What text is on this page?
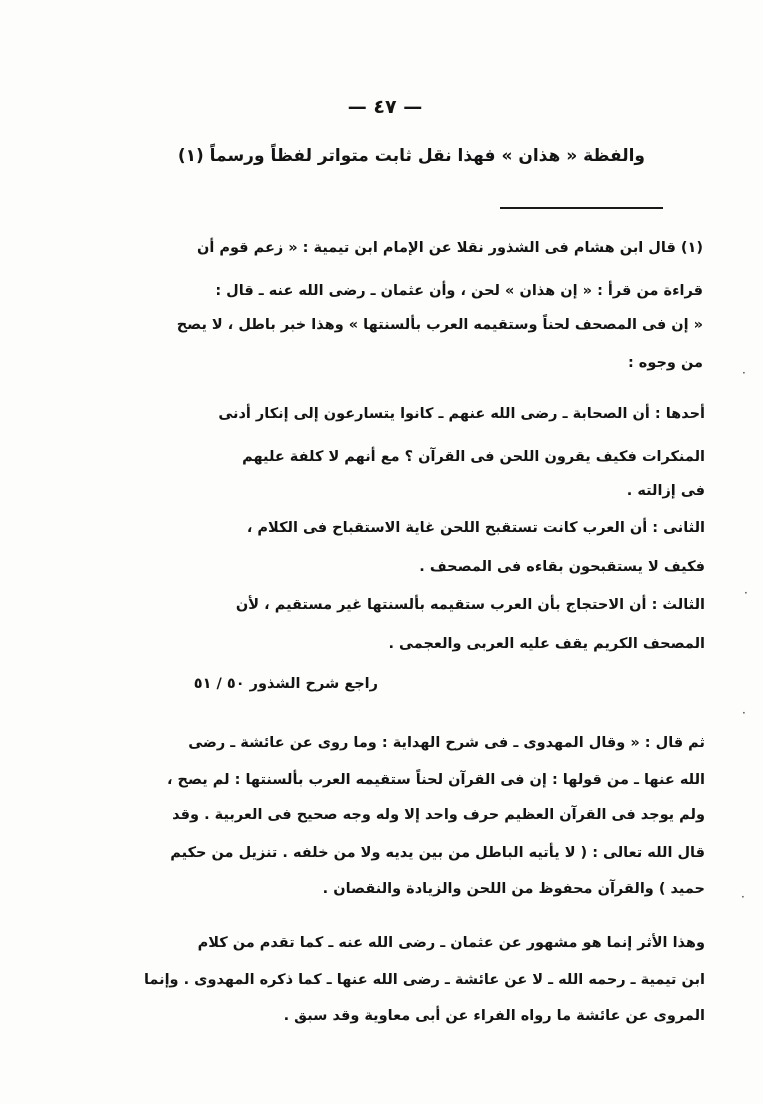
— ٤٧ —
والفظة « هذان » فهذا نقل ثابت متواتر لفظاً ورسماً (١)
(١) قال ابن هشام فى الشذور نقلا عن الإمام ابن تيمية : « زعم قوم أن
قراءة من قرأ : « إن هذان » لحن ، وأن عثمان ـ رضى الله عنه ـ قال :
« إن فى المصحف لحناً وستقيمه العرب بألسنتها » وهذا خبر باطل ، لا يصح
من وجوه :
أحدها : أن الصحابة ـ رضى الله عنهم ـ كانوا يتسارعون إلى إنكار أدنى
المنكرات فكيف يقرون اللحن فى القرآن ؟ مع أنهم لا كلفة عليهم
فى إزالته .
الثانى : أن العرب كانت تستقبح اللحن غاية الاستقباح فى الكلام ،
فكيف لا يستقبحون بقاءه فى المصحف .
الثالث : أن الاحتجاج بأن العرب ستقيمه بألسنتها غير مستقيم ، لأن
المصحف الكريم يقف عليه العربى والعجمى .
راجع شرح الشذور ٥٠ / ٥١
ثم قال : « وقال المهدوى ـ فى شرح الهداية : وما روى عن عائشة ـ رضى
الله عنها ـ من قولها : إن فى القرآن لحناً ستقيمه العرب بألسنتها : لم يصح ،
ولم يوجد فى القرآن العظيم حرف واحد إلا وله وجه صحيح فى العربية . وقد
قال الله تعالى : ( لا يأتيه الباطل من بين يديه ولا من خلفه . تنزيل من حكيم
حميد ) والقرآن محفوظ من اللحن والزيادة والنقصان .
وهذا الأثر إنما هو مشهور عن عثمان ـ رضى الله عنه ـ كما تقدم من كلام
ابن تيمية ـ رحمه الله ـ لا عن عائشة ـ رضى الله عنها ـ كما ذكره المهدوى . وإنما
المروى عن عائشة ما رواه الفراء عن أبى معاوية وقد سبق .
·
·
·
·
